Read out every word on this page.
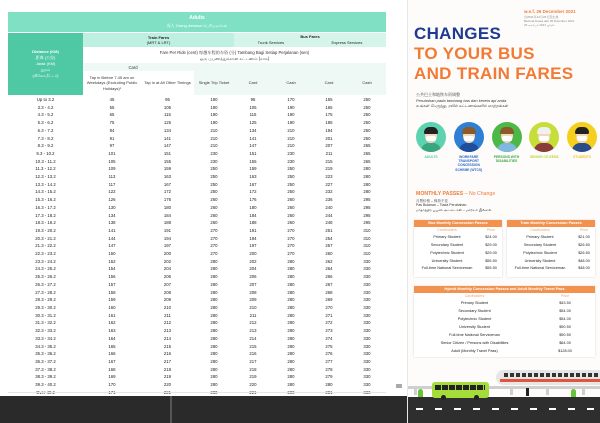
Adults
成人 Orang dewasa பெரியவர்கள்
Distance (KM)
距离 (公里)
Jarak (KM)
தூரம்
(கிலோமீட்டர்)
Train Fares
(MRT & LRT)
Bus Fares
Trunk Services	Express Services
Fare Per Ride (cent) 每趟车程的车资 (分) Tambang Bagi Setiap Perjalanan (sen)
ஒரு பயணத்துக்கான கட்டணம் (காசு)
Card
Tap in Before 7.45 am on Weekdays (Excluding Public Holidays)¹
Tap in at All Other Timings	Single Trip Ticket	Card	Cash	Card	Cash
Up to 3.2	45	95	190	95	170	155	250
3.3 - 4.2	55	105	190	105	190	165	250
4.3 - 5.2	65	115	190	115	190	175	250
5.3 - 6.2	75	125	190	125	190	185	250
6.3 - 7.2	84	134	210	134	210	194	250
7.3 - 8.2	91	141	210	141	210	201	250
8.3 - 9.2	97	147	210	147	210	207	265
9.3 - 10.2	101	151	230	151	230	211	265
10.3 - 11.2	105	155	230	155	230	215	265
11.3 - 12.2	109	159	250	159	250	219	280
12.3 - 13.2	113	163	250	163	250	223	280
13.3 - 14.2	117	167	250	167	250	227	280
14.3 - 15.2	122	172	250	172	250	232	280
15.3 - 16.2	126	176	260	176	260	236	295
16.3 - 17.2	130	180	260	180	260	240	295
17.3 - 18.2	134	184	260	184	260	244	295
18.3 - 19.2	138	188	260	188	260	248	295
19.3 - 20.2	141	191	270	191	270	251	310
20.3 - 21.2	144	194	270	194	270	254	310
21.3 - 22.2	147	197	270	197	270	257	310
22.3 - 23.2	150	200	270	200	270	260	310
23.3 - 24.2	152	202	280	202	280	262	330
24.3 - 25.2	154	204	280	204	280	264	330
25.3 - 26.2	156	206	280	206	280	266	330
26.3 - 27.2	157	207	280	207	280	267	330
27.3 - 28.2	158	208	280	208	280	268	330
28.3 - 29.2	159	209	280	209	280	269	330
29.3 - 30.2	160	210	280	210	280	270	330
30.3 - 31.2	161	211	280	211	280	271	330
31.3 - 32.2	162	212	280	212	280	272	330
32.3 - 33.2	163	213	280	213	280	273	330
33.3 - 34.2	164	214	280	214	280	274	330
34.3 - 35.2	165	215	280	215	280	275	330
35.3 - 36.2	166	216	280	216	280	276	330
36.3 - 37.2	167	217	280	217	280	277	330
37.3 - 38.2	168	218	280	218	280	278	330
38.3 - 39.2	169	219	280	219	280	279	330
39.3 - 40.2	170	220	280	220	280	280	330

w.e.f. 26 December 2021
自2021年12月26日起生效
Berkuat kuasa dari 26 Disember 2021
26 டிசம்பர் 2021 முதல்
CHANGES
TO YOUR BUS
AND TRAIN FARES
公共巴士和地铁车资调整
Perubahan pada tambang bas dan kereta api anda
உங்கள் பேருந்து, ரயில் கட்டணங்களில் மாற்றங்கள்
ADULTS	WORKFARE TRANSPORT CONCESSION SCHEME (WTCS)
PERSONS WITH DISABILITIES
SENIOR CITIZENS	STUDENTS
MONTHLY PASSES – No Change
月票价格 – 保持不变
Pas Bulanan – Tiada Perubahan
மாதாந்திர பயண அட்டைகள் – மாற்றம் இல்லை
Bus Monthly Concession Passes
Cardholders	Price
Primary Student	$24.00
Secondary Student	$29.00
Polytechnic Student	$29.00
University Student	$55.50
Full-time National Serviceman	$55.50
Train Monthly Concession Passes
Cardholders	Price
Primary Student	$21.00
Secondary Student	$26.50
Polytechnic Student	$26.50
University Student	$48.00
Full-time National Serviceman	$48.00
Hybrid Monthly Concession Passes and Adult Monthly Travel Pass
Cardholders	Price
Primary Student	$43.50
Secondary Student	$54.00
Polytechnic Student	$54.00
University Student	$90.50
Full-time National Serviceman	$90.50
Senior Citizen / Persons with Disabilities	$64.00
Adult (Monthly Travel Pass)	$128.00
